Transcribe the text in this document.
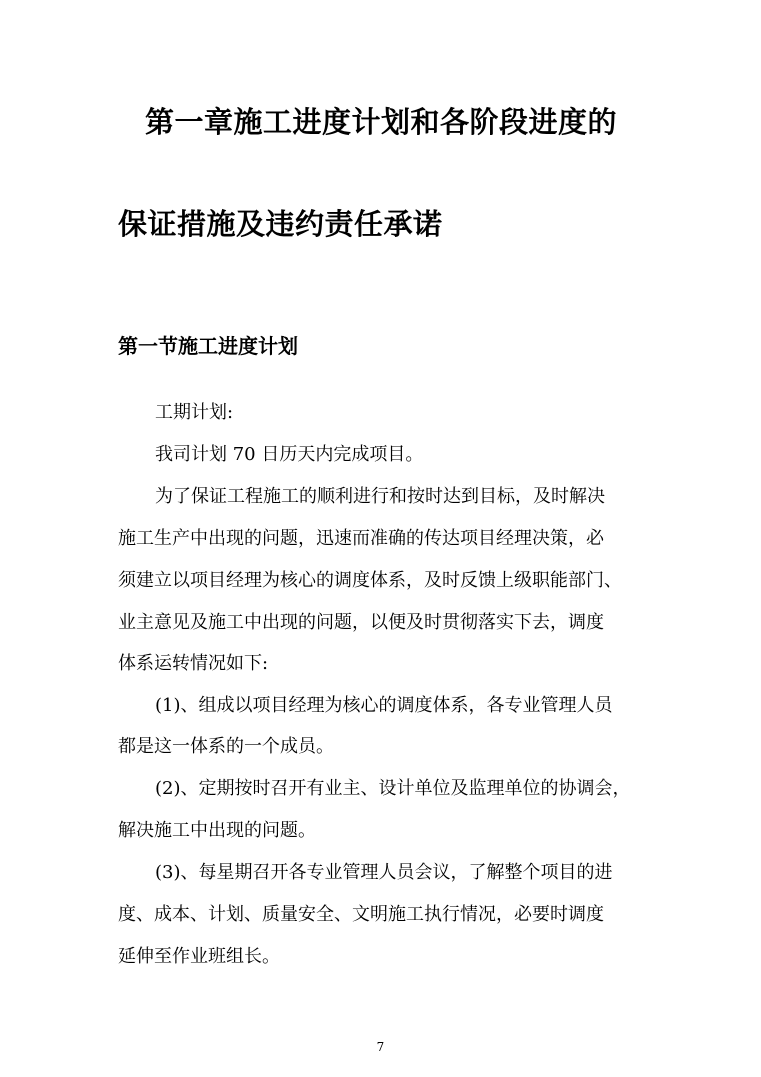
第一章施工进度计划和各阶段进度的
保证措施及违约责任承诺
第一节施工进度计划

工期计划:

我司计划 70 日历天内完成项目。

为了保证工程施工的顺利进行和按时达到目标，及时解决

施工生产中出现的问题，迅速而准确的传达项目经理决策，必

须建立以项目经理为核心的调度体系，及时反馈上级职能部门、

业主意见及施工中出现的问题，以便及时贯彻落实下去，调度

体系运转情况如下:

(1)、组成以项目经理为核心的调度体系，各专业管理人员

都是这一体系的一个成员。

(2)、定期按时召开有业主、设计单位及监理单位的协调会，

解决施工中出现的问题。

(3)、每星期召开各专业管理人员会议，了解整个项目的进

度、成本、计划、质量安全、文明施工执行情况，必要时调度

延伸至作业班组长。

7
